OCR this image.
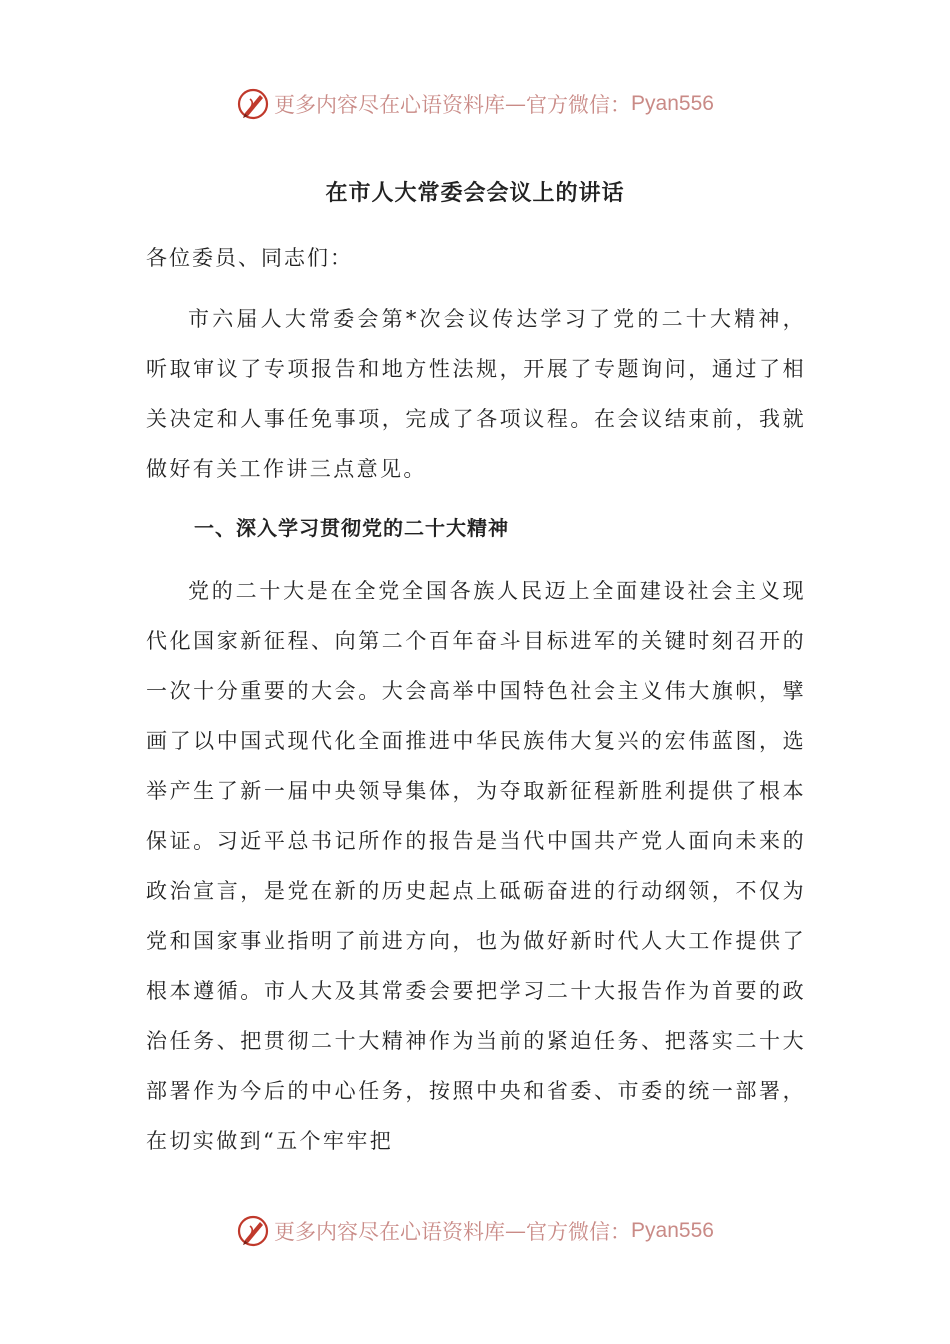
更多内容尽在心语资料库 — 官方微信： Pyan556
在市人大常委会会议上的讲话
各位委员、同志们：

市六届人大常委会第*次会议传达学习了党的二十大精神，听取审议了专项报告和地方性法规，开展了专题询问，通过了相关决定和人事任免事项，完成了各项议程。在会议结束前，我就做好有关工作讲三点意见。

一、深入学习贯彻党的二十大精神

党的二十大是在全党全国各族人民迈上全面建设社会主义现代化国家新征程、向第二个百年奋斗目标进军的关键时刻召开的一次十分重要的大会。大会高举中国特色社会主义伟大旗帜，擘画了以中国式现代化全面推进中华民族伟大复兴的宏伟蓝图，选举产生了新一届中央领导集体，为夺取新征程新胜利提供了根本保证。习近平总书记所作的报告是当代中国共产党人面向未来的政治宣言，是党在新的历史起点上砥砺奋进的行动纲领，不仅为党和国家事业指明了前进方向，也为做好新时代人大工作提供了根本遵循。市人大及其常委会要把学习二十大报告作为首要的政治任务、把贯彻二十大精神作为当前的紧迫任务、把落实二十大部署作为今后的中心任务，按照中央和省委、市委的统一部署，在切实做到“五个牢牢把

更多内容尽在心语资料库 — 官方微信： Pyan556
